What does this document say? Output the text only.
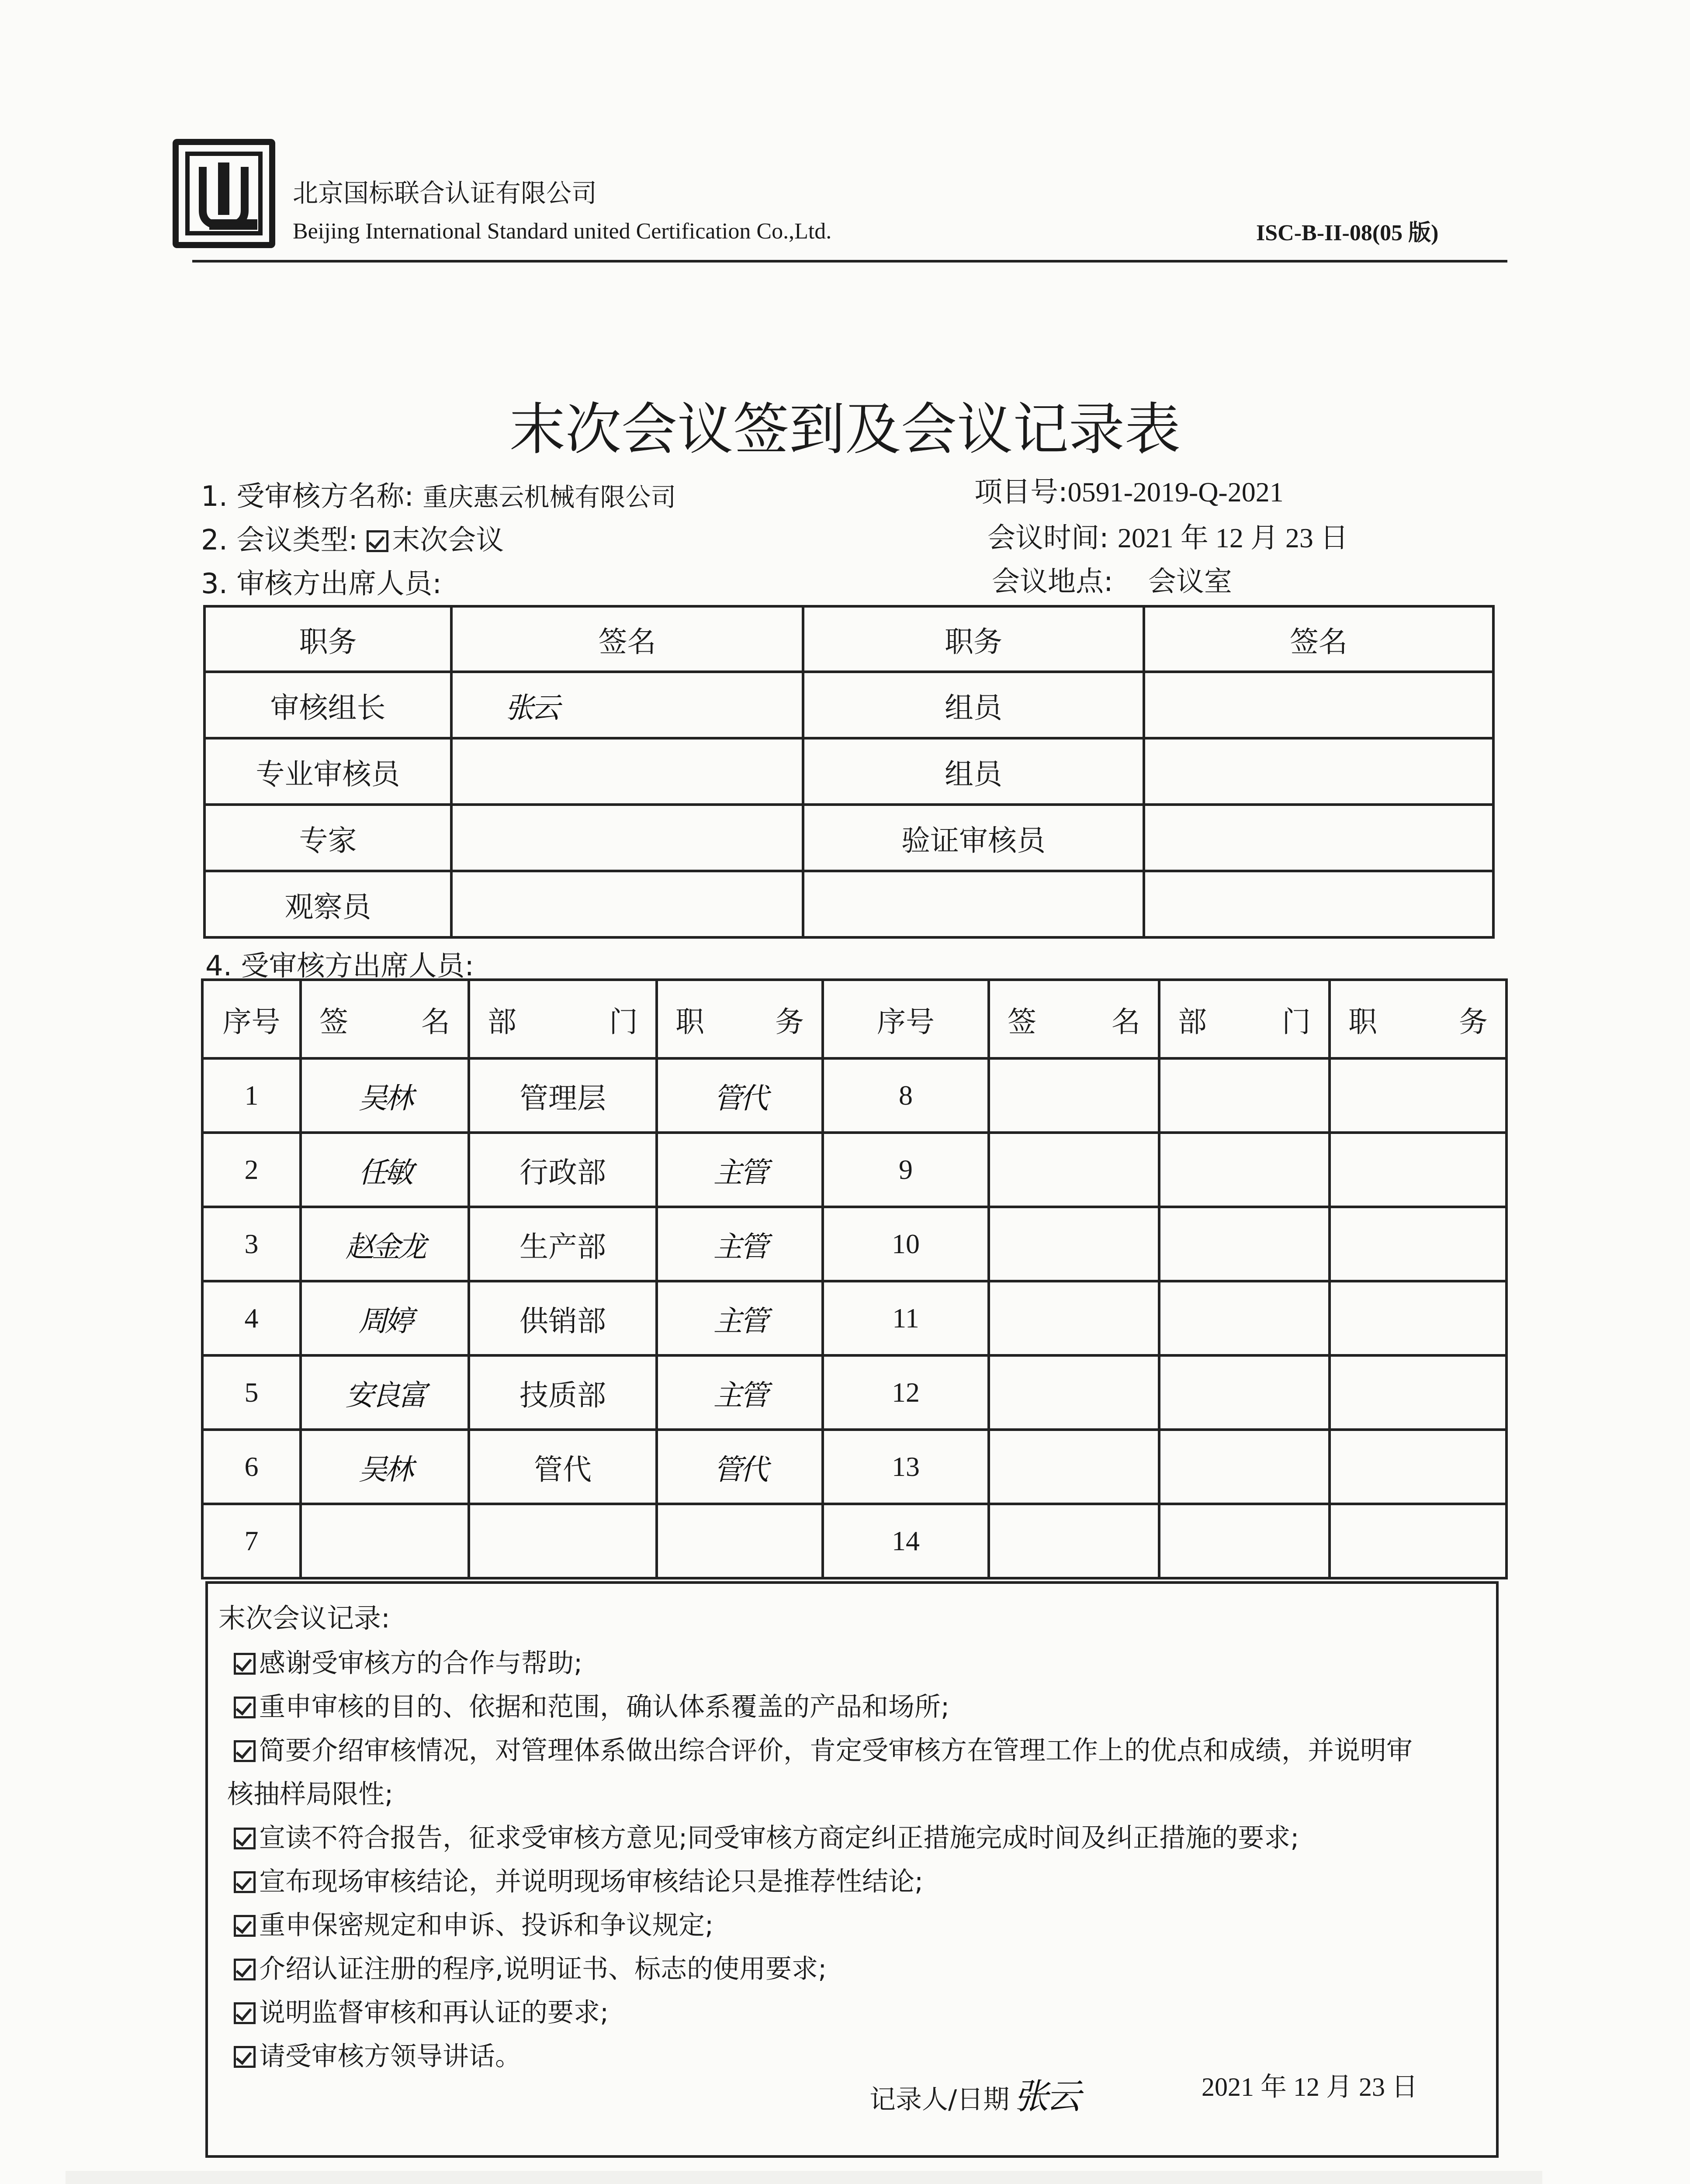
北京国标联合认证有限公司
Beijing International Standard united Certification Co.,Ltd.	ISC-B-II-08(05 版)
末次会议签到及会议记录表
1. 受审核方名称: 重庆惠云机械有限公司	项目号:0591-2019-Q-2021
2. 会议类型: 末次会议	会议时间: 2021 年 12 月 23 日
3. 审核方出席人员:	会议地点: 会议室
职务	签名	职务	签名
审核组长	张云	组员	
专业审核员		组员	
专家		验证审核员	
观察员			
4. 受审核方出席人员:
序号	签 名	部 门	职 务	序号	签 名	部 门	职 务

1	吴林	管理层	管代	8			
2	任敏	行政部	主管	9			
3	赵金龙	生产部	主管	10			
4	周婷	供销部	主管	11			
5	安良富	技质部	主管	12			
6	吴林	管代	管代	13			
7				14			
末次会议记录:
感谢受审核方的合作与帮助;
重申审核的目的、依据和范围，确认体系覆盖的产品和场所;
简要介绍审核情况，对管理体系做出综合评价，肯定受审核方在管理工作上的优点和成绩，并说明审
核抽样局限性;
宣读不符合报告，征求受审核方意见;同受审核方商定纠正措施完成时间及纠正措施的要求;
宣布现场审核结论，并说明现场审核结论只是推荐性结论;
重申保密规定和申诉、投诉和争议规定;
介绍认证注册的程序,说明证书、标志的使用要求;
说明监督审核和再认证的要求;
请受审核方领导讲话。
记录人/日期 张云	2021 年 12 月 23 日
